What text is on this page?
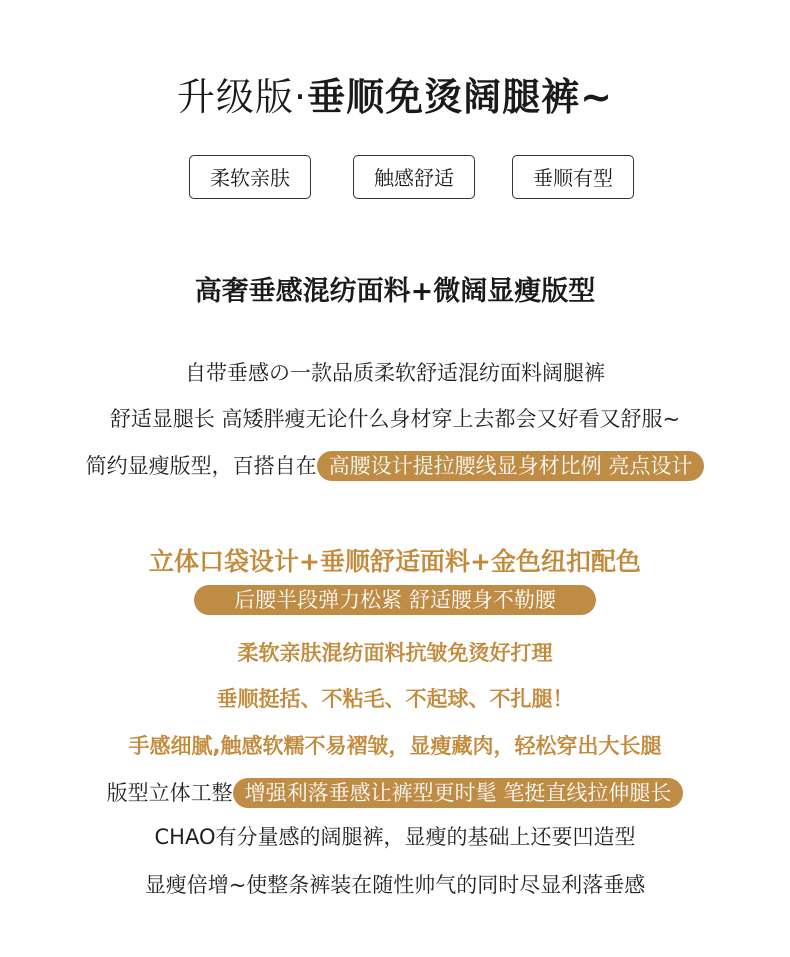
升级版·垂顺免烫阔腿裤~
柔软亲肤	触感舒适	垂顺有型
高奢垂感混纺面料+微阔显瘦版型
自带垂感の一款品质柔软舒适混纺面料阔腿裤
舒适显腿长 高矮胖瘦无论什么身材穿上去都会又好看又舒服~
简约显瘦版型，百搭自在 高腰设计提拉腰线显身材比例 亮点设计
立体口袋设计+垂顺舒适面料+金色纽扣配色
后腰半段弹力松紧 舒适腰身不勒腰
柔软亲肤混纺面料抗皱免烫好打理
垂顺挺括、不粘毛、不起球、不扎腿！
手感细腻,触感软糯不易褶皱，显瘦藏肉，轻松穿出大长腿
版型立体工整 增强利落垂感让裤型更时髦 笔挺直线拉伸腿长
CHAO有分量感的阔腿裤，显瘦的基础上还要凹造型
显瘦倍增~使整条裤装在随性帅气的同时尽显利落垂感
